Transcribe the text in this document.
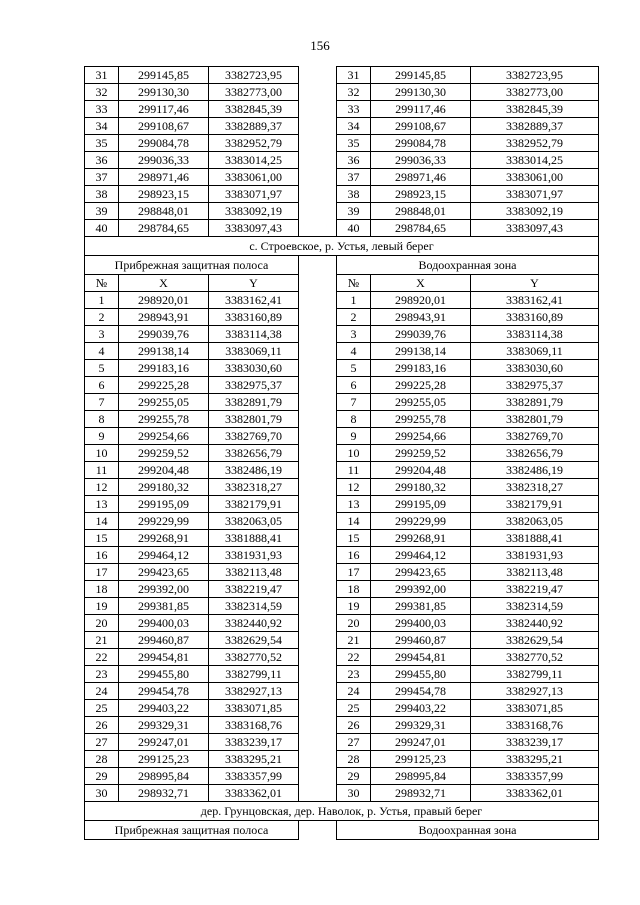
156
31	299145,85	3382723,95		31	299145,85	3382723,95
32	299130,30	3382773,00		32	299130,30	3382773,00
33	299117,46	3382845,39		33	299117,46	3382845,39
34	299108,67	3382889,37		34	299108,67	3382889,37
35	299084,78	3382952,79		35	299084,78	3382952,79
36	299036,33	3383014,25		36	299036,33	3383014,25
37	298971,46	3383061,00		37	298971,46	3383061,00
38	298923,15	3383071,97		38	298923,15	3383071,97
39	298848,01	3383092,19		39	298848,01	3383092,19
40	298784,65	3383097,43		40	298784,65	3383097,43
с. Строевское, р. Устья, левый берег						
Прибрежная защитная полоса				Водоохранная зона		
№	X	Y		№	X	Y
1	298920,01	3383162,41		1	298920,01	3383162,41
2	298943,91	3383160,89		2	298943,91	3383160,89
3	299039,76	3383114,38		3	299039,76	3383114,38
4	299138,14	3383069,11		4	299138,14	3383069,11
5	299183,16	3383030,60		5	299183,16	3383030,60
6	299225,28	3382975,37		6	299225,28	3382975,37
7	299255,05	3382891,79		7	299255,05	3382891,79
8	299255,78	3382801,79		8	299255,78	3382801,79
9	299254,66	3382769,70		9	299254,66	3382769,70
10	299259,52	3382656,79		10	299259,52	3382656,79
11	299204,48	3382486,19		11	299204,48	3382486,19
12	299180,32	3382318,27		12	299180,32	3382318,27
13	299195,09	3382179,91		13	299195,09	3382179,91
14	299229,99	3382063,05		14	299229,99	3382063,05
15	299268,91	3381888,41		15	299268,91	3381888,41
16	299464,12	3381931,93		16	299464,12	3381931,93
17	299423,65	3382113,48		17	299423,65	3382113,48
18	299392,00	3382219,47		18	299392,00	3382219,47
19	299381,85	3382314,59		19	299381,85	3382314,59
20	299400,03	3382440,92		20	299400,03	3382440,92
21	299460,87	3382629,54		21	299460,87	3382629,54
22	299454,81	3382770,52		22	299454,81	3382770,52
23	299455,80	3382799,11		23	299455,80	3382799,11
24	299454,78	3382927,13		24	299454,78	3382927,13
25	299403,22	3383071,85		25	299403,22	3383071,85
26	299329,31	3383168,76		26	299329,31	3383168,76
27	299247,01	3383239,17		27	299247,01	3383239,17
28	299125,23	3383295,21		28	299125,23	3383295,21
29	298995,84	3383357,99		29	298995,84	3383357,99
30	298932,71	3383362,01		30	298932,71	3383362,01
дер. Грунцовская, дер. Наволок, р. Устья, правый берег						
Прибрежная защитная полоса				Водоохранная зона		
